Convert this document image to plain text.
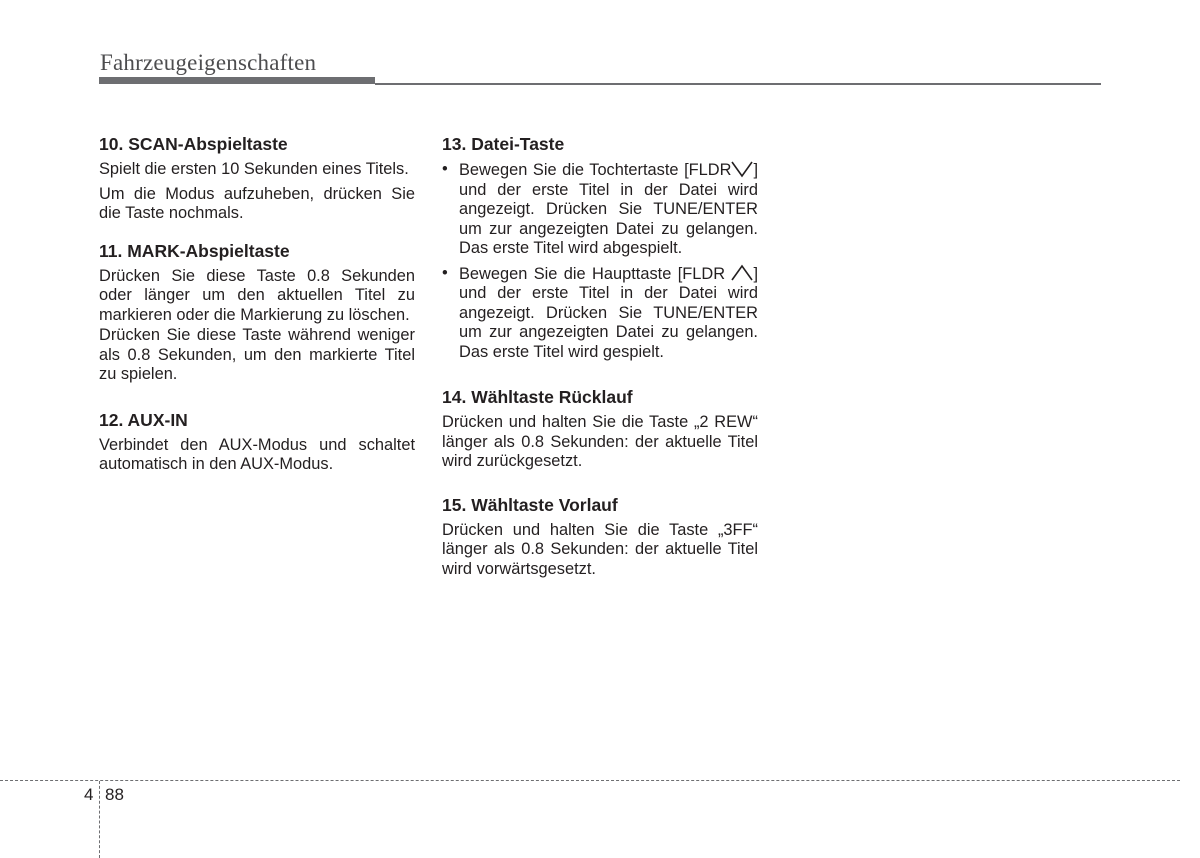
Fahrzeugeigenschaften
10. SCAN-Abspieltaste
Spielt die ersten 10 Sekunden eines Titels.
Um die Modus aufzuheben, drücken Sie die Taste nochmals.
11. MARK-Abspieltaste
Drücken Sie diese Taste 0.8 Sekunden oder länger um den aktuellen Titel zu markieren oder die Markierung zu löschen.
Drücken Sie diese Taste während weniger als 0.8 Sekunden, um den markierte Titel zu spielen.
12. AUX-IN
Verbindet den AUX-Modus und schaltet automatisch in den AUX-Modus.
13. Datei-Taste
• Bewegen Sie die Tochtertaste [FLDR ] und der erste Titel in der Datei wird angezeigt. Drücken Sie TUNE/ENTER um zur angezeigten Datei zu gelangen. Das erste Titel wird abgespielt.
• Bewegen Sie die Haupttaste [FLDR ] und der erste Titel in der Datei wird angezeigt. Drücken Sie TUNE/ENTER um zur angezeigten Datei zu gelangen. Das erste Titel wird gespielt.
14. Wähltaste Rücklauf
Drücken und halten Sie die Taste „2 REW“ länger als 0.8 Sekunden: der aktuelle Titel wird zurückgesetzt.
15. Wähltaste Vorlauf
Drücken und halten Sie die Taste „3FF“ länger als 0.8 Sekunden: der aktuelle Titel wird vorwärtsgesetzt.
4 88
